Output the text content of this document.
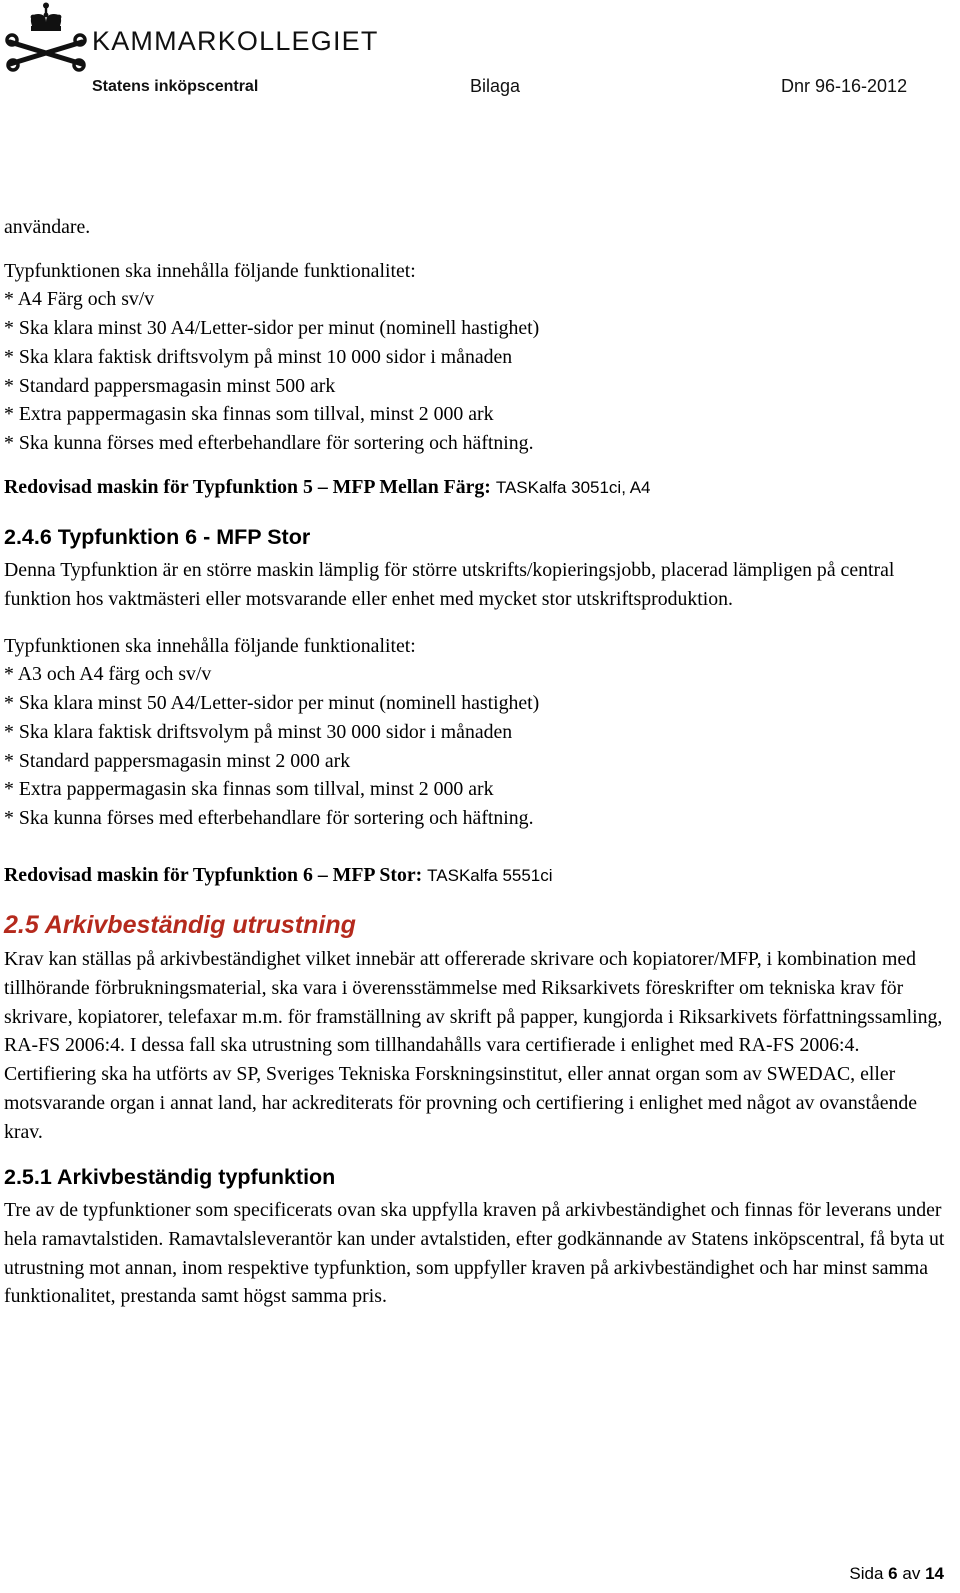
KAMMARKOLLEGIET
Statens inköpscentral	Bilaga	Dnr 96-16-2012

användare.

Typfunktionen ska innehålla följande funktionalitet:

* A4 Färg och sv/v

* Ska klara minst 30 A4/Letter-sidor per minut (nominell hastighet)

* Ska klara faktisk driftsvolym på minst 10 000 sidor i månaden

* Standard pappersmagasin minst 500 ark

* Extra pappermagasin ska finnas som tillval, minst 2 000 ark

* Ska kunna förses med efterbehandlare för sortering och häftning.

Redovisad maskin för Typfunktion 5 – MFP Mellan Färg: TASKalfa 3051ci, A4

2.4.6 Typfunktion 6 - MFP Stor

Denna Typfunktion är en större maskin lämplig för större utskrifts/kopieringsjobb, placerad lämpligen på central funktion hos vaktmästeri eller motsvarande eller enhet med mycket stor utskriftsproduktion.

Typfunktionen ska innehålla följande funktionalitet:

* A3 och A4 färg och sv/v

* Ska klara minst 50 A4/Letter-sidor per minut (nominell hastighet)

* Ska klara faktisk driftsvolym på minst 30 000 sidor i månaden

* Standard pappersmagasin minst 2 000 ark

* Extra pappermagasin ska finnas som tillval, minst 2 000 ark

* Ska kunna förses med efterbehandlare för sortering och häftning.

Redovisad maskin för Typfunktion 6 – MFP Stor: TASKalfa 5551ci

2.5 Arkivbeständig utrustning

Krav kan ställas på arkivbeständighet vilket innebär att offererade skrivare och kopiatorer/MFP, i kombination med tillhörande förbrukningsmaterial, ska vara i överensstämmelse med Riksarkivets föreskrifter om tekniska krav för skrivare, kopiatorer, telefaxar m.m. för framställning av skrift på papper, kungjorda i Riksarkivets författningssamling, RA-FS 2006:4. I dessa fall ska utrustning som tillhandahålls vara certifierade i enlighet med RA-FS 2006:4. Certifiering ska ha utförts av SP, Sveriges Tekniska Forskningsinstitut, eller annat organ som av SWEDAC, eller motsvarande organ i annat land, har ackrediterats för provning och certifiering i enlighet med något av ovanstående krav.

2.5.1 Arkivbeständig typfunktion

Tre av de typfunktioner som specificerats ovan ska uppfylla kraven på arkivbeständighet och finnas för leverans under hela ramavtalstiden. Ramavtalsleverantör kan under avtalstiden, efter godkännande av Statens inköpscentral, få byta ut utrustning mot annan, inom respektive typfunktion, som uppfyller kraven på arkivbeständighet och har minst samma funktionalitet, prestanda samt högst samma pris.

Sida 6 av 14
